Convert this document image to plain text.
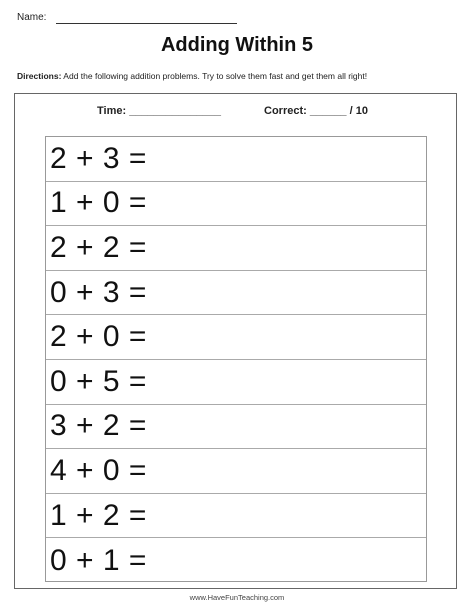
Name:
Adding Within 5
Directions: Add the following addition problems. Try to solve them fast and get them all right!
Time: _______________	Correct: ______ / 10
2 + 3 =
1 + 0 =
2 + 2 =
0 + 3 =
2 + 0 =
0 + 5 =
3 + 2 =
4 + 0 =
1 + 2 =
0 + 1 =
www.HaveFunTeaching.com
